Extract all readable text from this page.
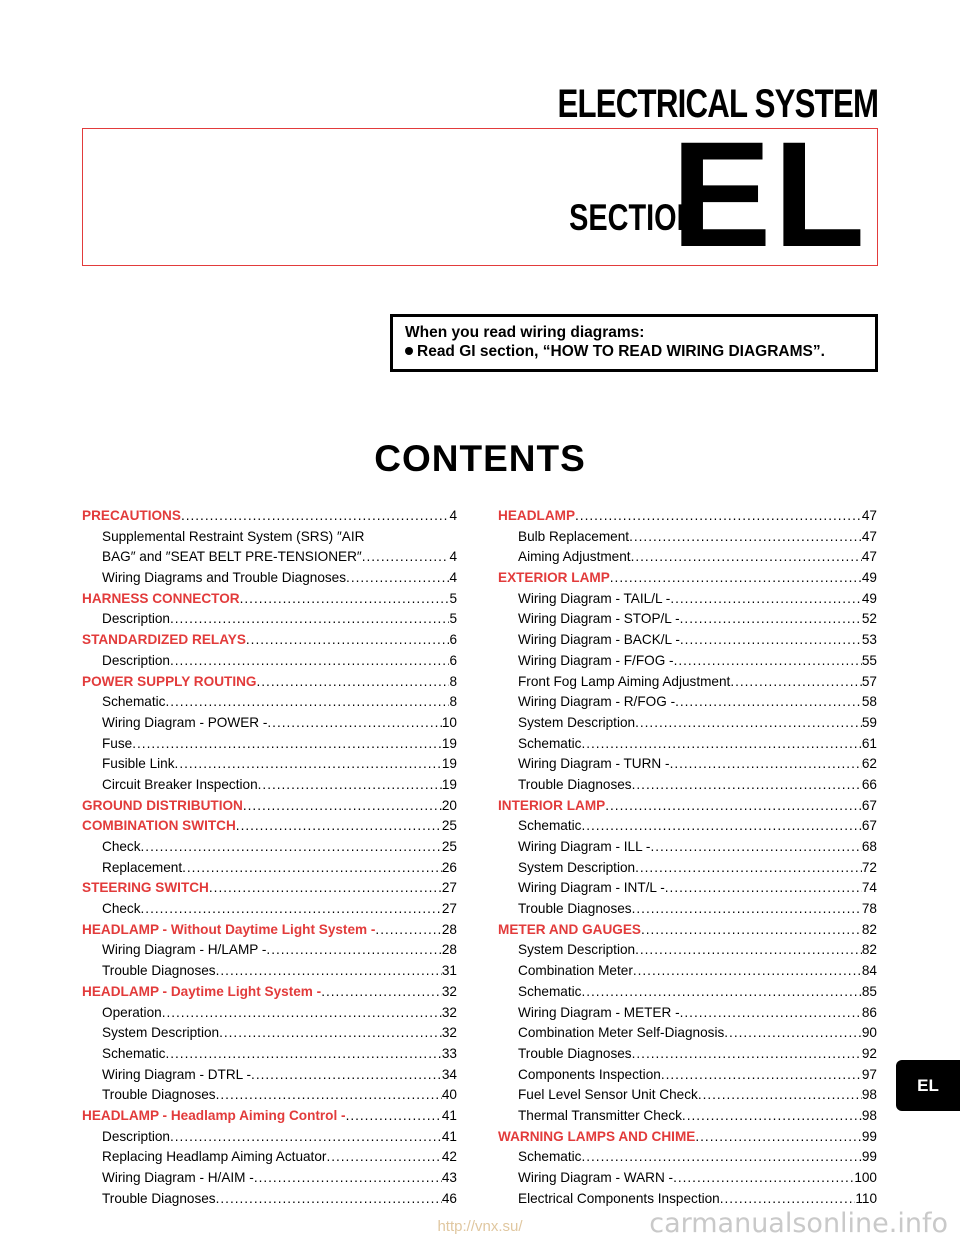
ELECTRICAL SYSTEM
SECTION
EL
When you read wiring diagrams:
Read GI section, “HOW TO READ WIRING DIAGRAMS”.
CONTENTS
PRECAUTIONS .....	4
Supplemental Restraint System (SRS) ″AIR
BAG″ and ″SEAT BELT PRE-TENSIONER″ .....	4
Wiring Diagrams and Trouble Diagnoses .....	4
HARNESS CONNECTOR .....	5
Description .....	5
STANDARDIZED RELAYS .....	6
Description .....	6
POWER SUPPLY ROUTING .....	8
Schematic .....	8
Wiring Diagram - POWER - .....	10
Fuse .....	19
Fusible Link .....	19
Circuit Breaker Inspection .....	19
GROUND DISTRIBUTION .....	20
COMBINATION SWITCH .....	25
Check .....	25
Replacement .....	26
STEERING SWITCH .....	27
Check .....	27
HEADLAMP - Without Daytime Light System - .....	28
Wiring Diagram - H/LAMP - .....	28
Trouble Diagnoses .....	31
HEADLAMP - Daytime Light System - .....	32
Operation .....	32
System Description .....	32
Schematic .....	33
Wiring Diagram - DTRL - .....	34
Trouble Diagnoses .....	40
HEADLAMP - Headlamp Aiming Control - .....	41
Description .....	41
Replacing Headlamp Aiming Actuator .....	42
Wiring Diagram - H/AIM - .....	43
Trouble Diagnoses .....	46
HEADLAMP .....	47
Bulb Replacement .....	47
Aiming Adjustment .....	47
EXTERIOR LAMP .....	49
Wiring Diagram - TAIL/L - .....	49
Wiring Diagram - STOP/L - .....	52
Wiring Diagram - BACK/L - .....	53
Wiring Diagram - F/FOG - .....	55
Front Fog Lamp Aiming Adjustment .....	57
Wiring Diagram - R/FOG - .....	58
System Description .....	59
Schematic .....	61
Wiring Diagram - TURN - .....	62
Trouble Diagnoses .....	66
INTERIOR LAMP .....	67
Schematic .....	67
Wiring Diagram - ILL - .....	68
System Description .....	72
Wiring Diagram - INT/L - .....	74
Trouble Diagnoses .....	78
METER AND GAUGES .....	82
System Description .....	82
Combination Meter .....	84
Schematic .....	85
Wiring Diagram - METER - .....	86
Combination Meter Self-Diagnosis .....	90
Trouble Diagnoses .....	92
Components Inspection .....	97
Fuel Level Sensor Unit Check .....	98
Thermal Transmitter Check .....	98
WARNING LAMPS AND CHIME .....	99
Schematic .....	99
Wiring Diagram - WARN - .....	100
Electrical Components Inspection .....	110
EL
http://vnx.su/	carmanualsonline.info
